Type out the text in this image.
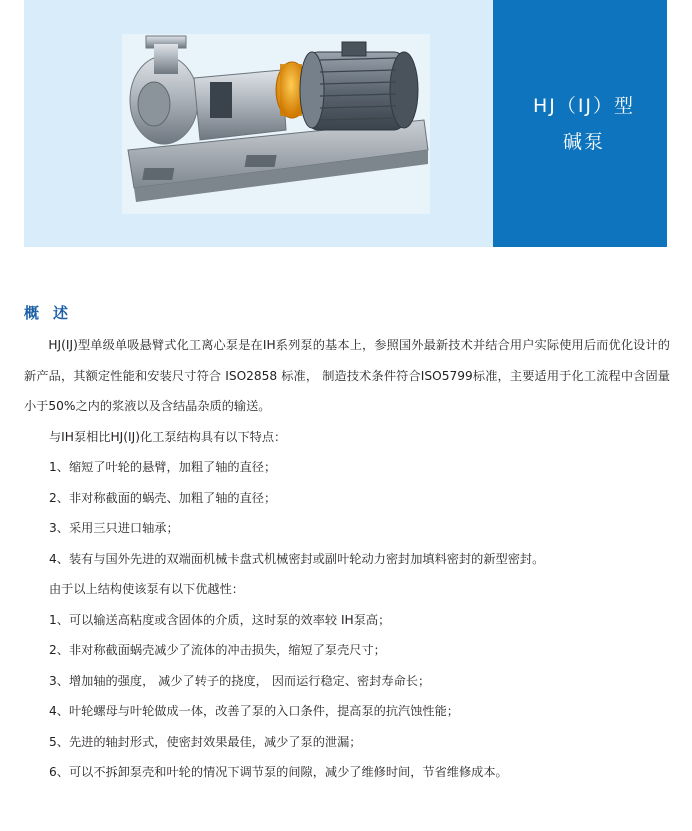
HJ（IJ）型
碱泵
概述

HJ(IJ)型单级单吸悬臂式化工离心泵是在IH系列泵的基本上，参照国外最新技术并结合用户实际使用后而优化设计的新产品，其额定性能和安装尺寸符合 ISO2858 标准， 制造技术条件符合ISO5799标准，主要适用于化工流程中含固量小于50%之内的浆液以及含结晶杂质的输送。

与IH泵相比HJ(IJ)化工泵结构具有以下特点：

1、缩短了叶轮的悬臂，加粗了轴的直径；

2、非对称截面的蜗壳、加粗了轴的直径；

3、采用三只进口轴承；

4、装有与国外先进的双端面机械卡盘式机械密封或副叶轮动力密封加填料密封的新型密封。

由于以上结构使该泵有以下优越性：

1、可以输送高粘度或含固体的介质，这时泵的效率较 IH泵高；

2、非对称截面蜗壳减少了流体的冲击损失，缩短了泵壳尺寸；

3、增加轴的强度， 减少了转子的挠度， 因而运行稳定、密封寿命长；

4、叶轮螺母与叶轮做成一体，改善了泵的入口条件，提高泵的抗汽蚀性能；

5、先进的轴封形式，使密封效果最佳，减少了泵的泄漏；

6、可以不拆卸泵壳和叶轮的情况下调节泵的间隙，减少了维修时间，节省维修成本。
